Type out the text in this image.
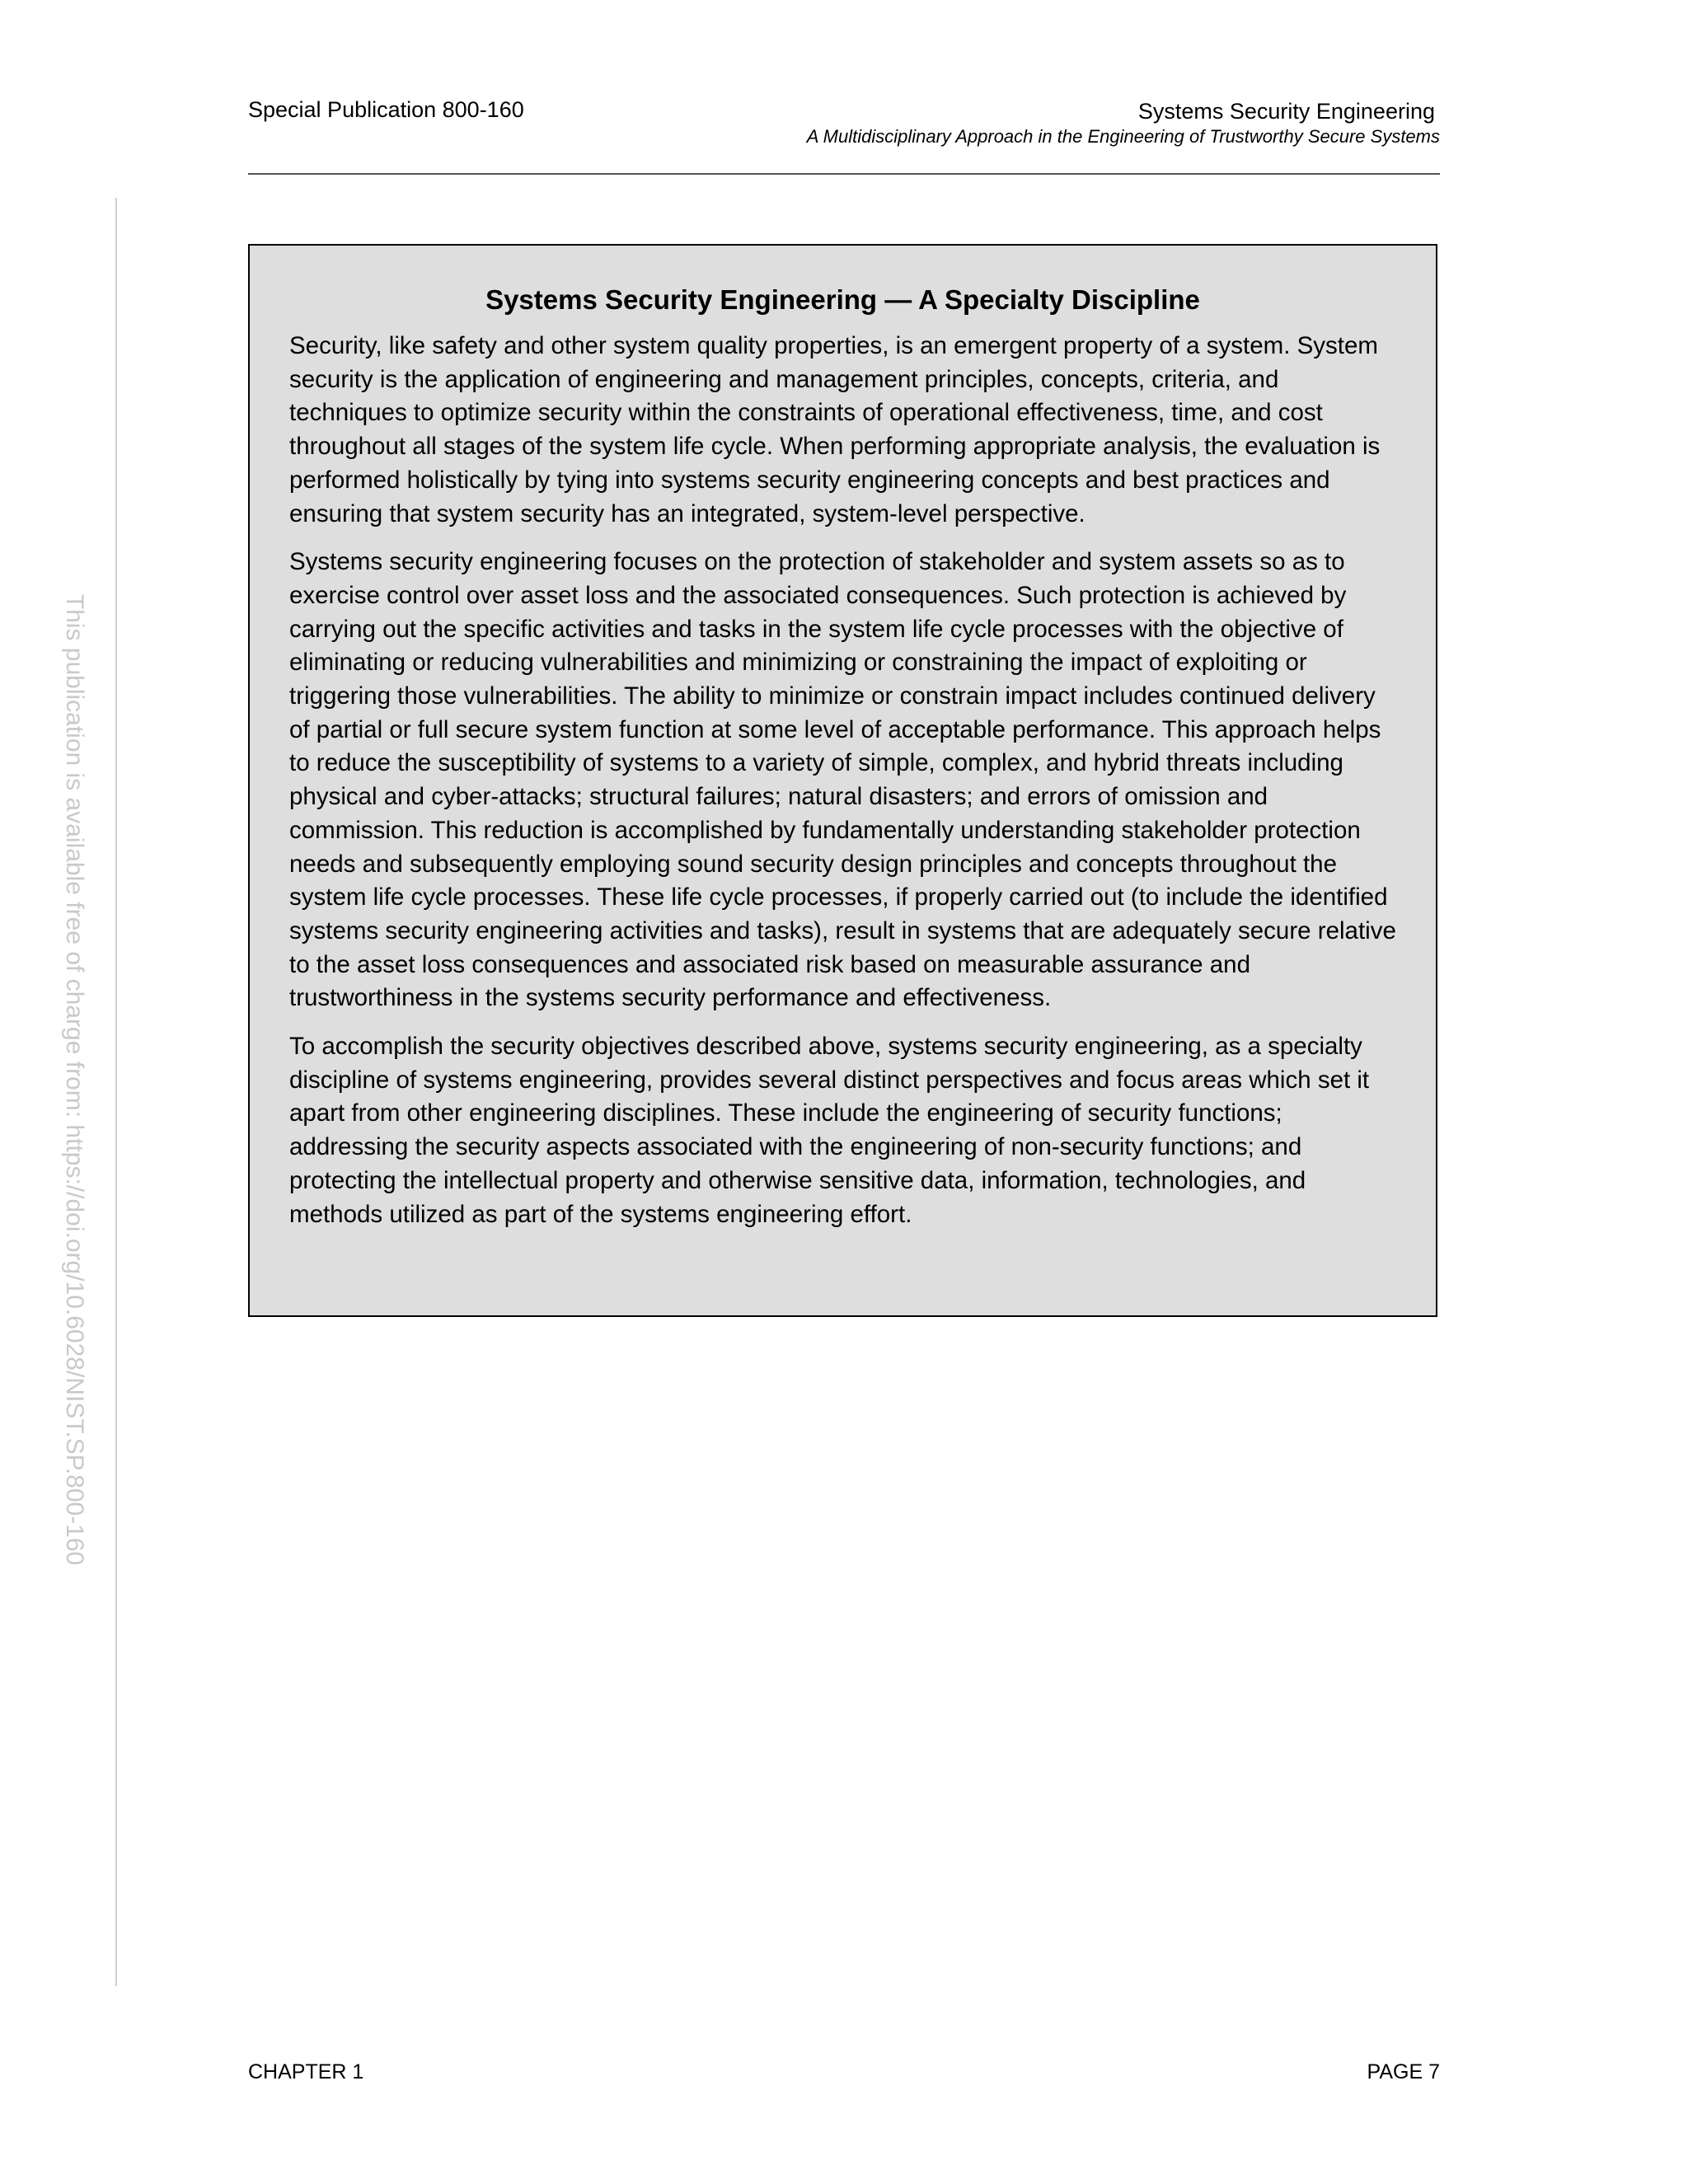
Special Publication 800-160	Systems Security Engineering
A Multidisciplinary Approach in the Engineering of Trustworthy Secure Systems
This publication is available free of charge from: https://doi.org/10.6028/NIST.SP.800-160
Systems Security Engineering — A Specialty Discipline

Security, like safety and other system quality properties, is an emergent property of a system. System security is the application of engineering and management principles, concepts, criteria, and techniques to optimize security within the constraints of operational effectiveness, time, and cost throughout all stages of the system life cycle. When performing appropriate analysis, the evaluation is performed holistically by tying into systems security engineering concepts and best practices and ensuring that system security has an integrated, system-level perspective.

Systems security engineering focuses on the protection of stakeholder and system assets so as to exercise control over asset loss and the associated consequences. Such protection is achieved by carrying out the specific activities and tasks in the system life cycle processes with the objective of eliminating or reducing vulnerabilities and minimizing or constraining the impact of exploiting or triggering those vulnerabilities. The ability to minimize or constrain impact includes continued delivery of partial or full secure system function at some level of acceptable performance. This approach helps to reduce the susceptibility of systems to a variety of simple, complex, and hybrid threats including physical and cyber-attacks; structural failures; natural disasters; and errors of omission and commission. This reduction is accomplished by fundamentally understanding stakeholder protection needs and subsequently employing sound security design principles and concepts throughout the system life cycle processes. These life cycle processes, if properly carried out (to include the identified systems security engineering activities and tasks), result in systems that are adequately secure relative to the asset loss consequences and associated risk based on measurable assurance and trustworthiness in the systems security performance and effectiveness.

To accomplish the security objectives described above, systems security engineering, as a specialty discipline of systems engineering, provides several distinct perspectives and focus areas which set it apart from other engineering disciplines. These include the engineering of security functions; addressing the security aspects associated with the engineering of non-security functions; and protecting the intellectual property and otherwise sensitive data, information, technologies, and methods utilized as part of the systems engineering effort.

CHAPTER 1	PAGE 7
